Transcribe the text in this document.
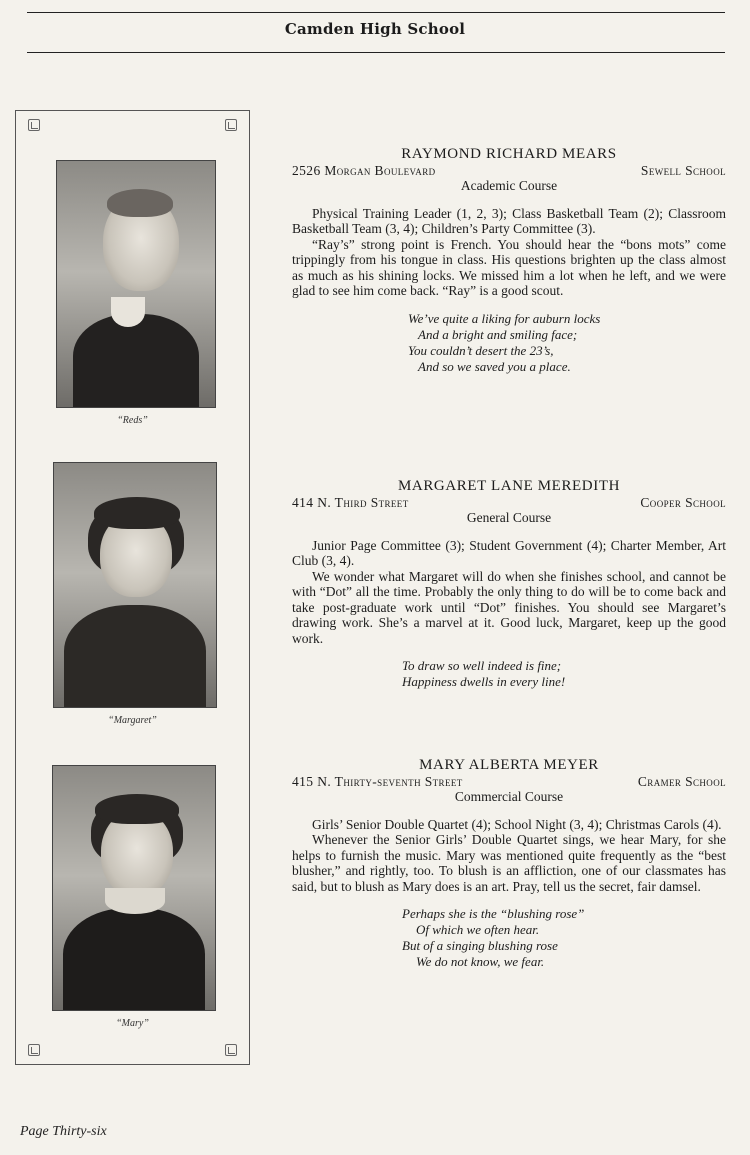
Camden High School
“Reds”
“Margaret”
“Mary”
RAYMOND RICHARD MEARS
2526 Morgan Boulevard	Sewell School
Academic Course
Physical Training Leader (1, 2, 3); Class Basketball Team (2); Classroom Basketball Team (3, 4); Children’s Party Committee (3).
“Ray’s” strong point is French. You should hear the “bons mots” come trippingly from his tongue in class. His questions brighten up the class almost as much as his shining locks. We missed him a lot when he left, and we were glad to see him come back. “Ray” is a good scout.
We’ve quite a liking for auburn locks
And a bright and smiling face;
You couldn’t desert the 23’s,
And so we saved you a place.
MARGARET LANE MEREDITH
414 N. Third Street	Cooper School
General Course
Junior Page Committee (3); Student Government (4); Charter Member, Art Club (3, 4).
We wonder what Margaret will do when she finishes school, and cannot be with “Dot” all the time. Probably the only thing to do will be to come back and take post-graduate work until “Dot” finishes. You should see Margaret’s drawing work. She’s a marvel at it. Good luck, Margaret, keep up the good work.
To draw so well indeed is fine;
Happiness dwells in every line!
MARY ALBERTA MEYER
415 N. Thirty-seventh Street	Cramer School
Commercial Course
Girls’ Senior Double Quartet (4); School Night (3, 4); Christmas Carols (4).
Whenever the Senior Girls’ Double Quartet sings, we hear Mary, for she helps to furnish the music. Mary was mentioned quite frequently as the “best blusher,” and rightly, too. To blush is an affliction, one of our classmates has said, but to blush as Mary does is an art. Pray, tell us the secret, fair damsel.
Perhaps she is the “blushing rose”
Of which we often hear.
But of a singing blushing rose
We do not know, we fear.
Page Thirty-six
